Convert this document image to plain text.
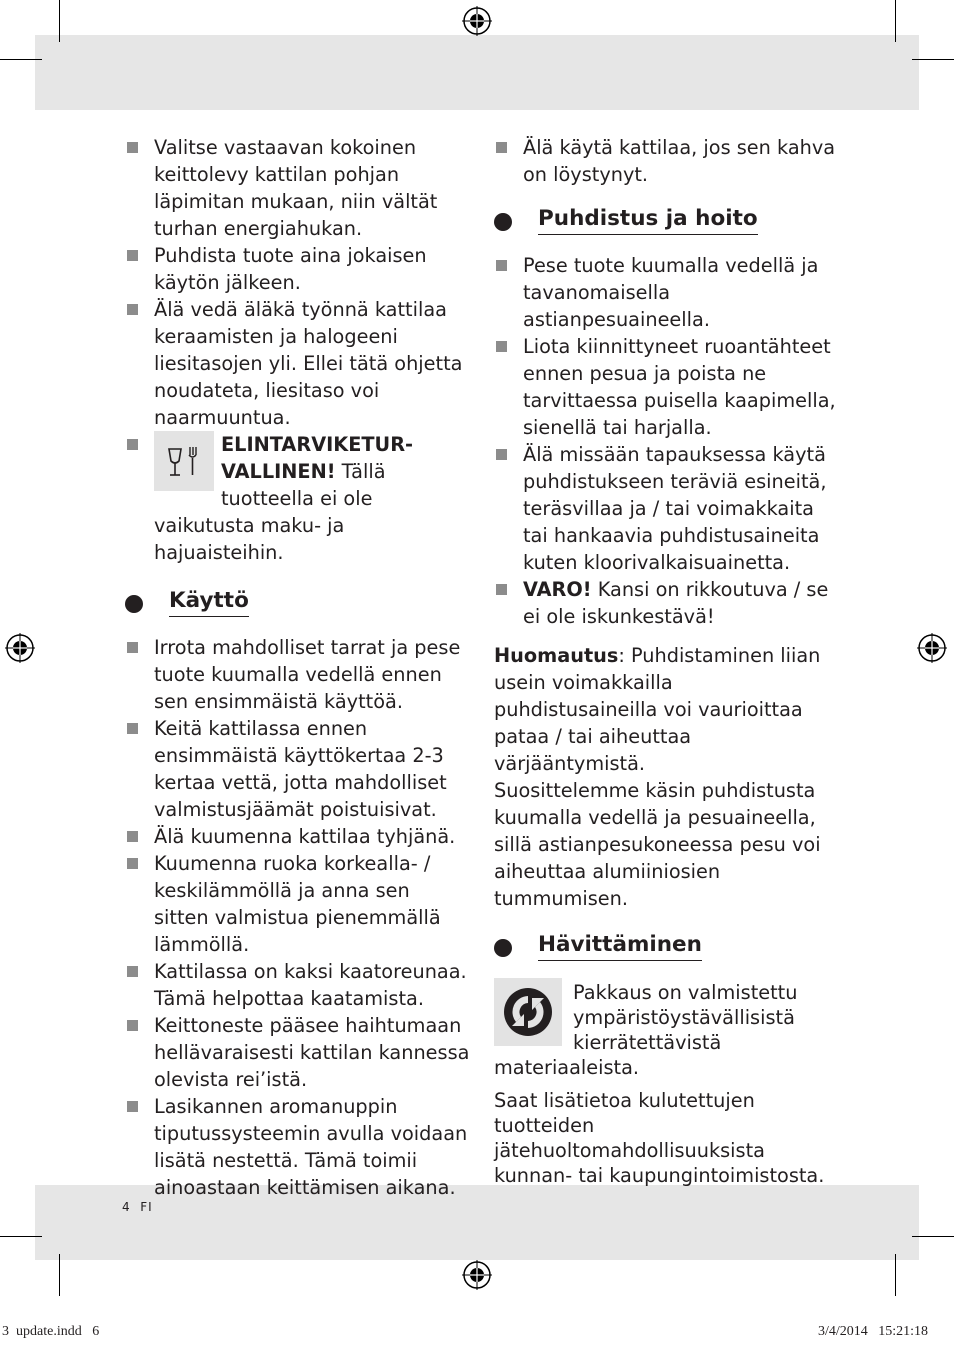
Valitse vastaavan kokoinen keittolevy kattilan pohjan läpimitan mukaan, niin vältät turhan energiahukan.
Puhdista tuote aina jokaisen käytön jälkeen.
Älä vedä äläkä työnnä kattilaa keraamisten ja halogeeni liesitasojen yli. Ellei tätä ohjetta noudateta, liesitaso voi naarmuuntua.
ELINTARVIKETUR-VALLINEN! Tällä tuotteella ei ole vaikutusta maku- ja hajuaisteihin.
Käyttö
Irrota mahdolliset tarrat ja pese tuote kuumalla vedellä ennen sen ensimmäistä käyttöä.
Keitä kattilassa ennen ensimmäistä käyttökertaa 2-3 kertaa vettä, jotta mahdolliset valmistusjäämät poistuisivat.
Älä kuumenna kattilaa tyhjänä.
Kuumenna ruoka korkealla- / keskilämmöllä ja anna sen sitten valmistua pienemmällä lämmöllä.
Kattilassa on kaksi kaatoreunaa. Tämä helpottaa kaatamista.
Keittoneste pääsee haihtumaan hellävaraisesti kattilan kannessa olevista rei’istä.
Lasikannen aromanuppin tiputussysteemin avulla voidaan lisätä nestettä. Tämä toimii ainoastaan keittämisen aikana.
Älä käytä kattilaa, jos sen kahva on löystynyt.
Puhdistus ja hoito
Pese tuote kuumalla vedellä ja tavanomaisella astianpesuaineella.
Liota kiinnittyneet ruoantähteet ennen pesua ja poista ne tarvittaessa puisella kaapimella, sienellä tai harjalla.
Älä missään tapauksessa käytä puhdistukseen teräviä esineitä, teräsvillaa ja / tai voimakkaita tai hankaavia puhdistusaineita kuten kloorivalkaisuainetta.
VARO! Kansi on rikkoutuva / se ei ole iskunkestävä!

Huomautus: Puhdistaminen liian usein voimakkailla puhdistusaineilla voi vaurioittaa pataa / tai aiheuttaa värjääntymistä.

Suosittelemme käsin puhdistusta kuumalla vedellä ja pesuaineella, sillä astianpesukoneessa pesu voi aiheuttaa alumiiniosien tummumisen.

Hävittäminen
Pakkaus on valmistettu ympäristöystävällisistä kierrätettävistä materiaaleista.
Saat lisätietoa kulutettujen tuotteiden jätehuoltomahdollisuuksista kunnan- tai kaupungintoimistosta.
4 FI
3  update.indd   6	3/4/2014   15:21:18
